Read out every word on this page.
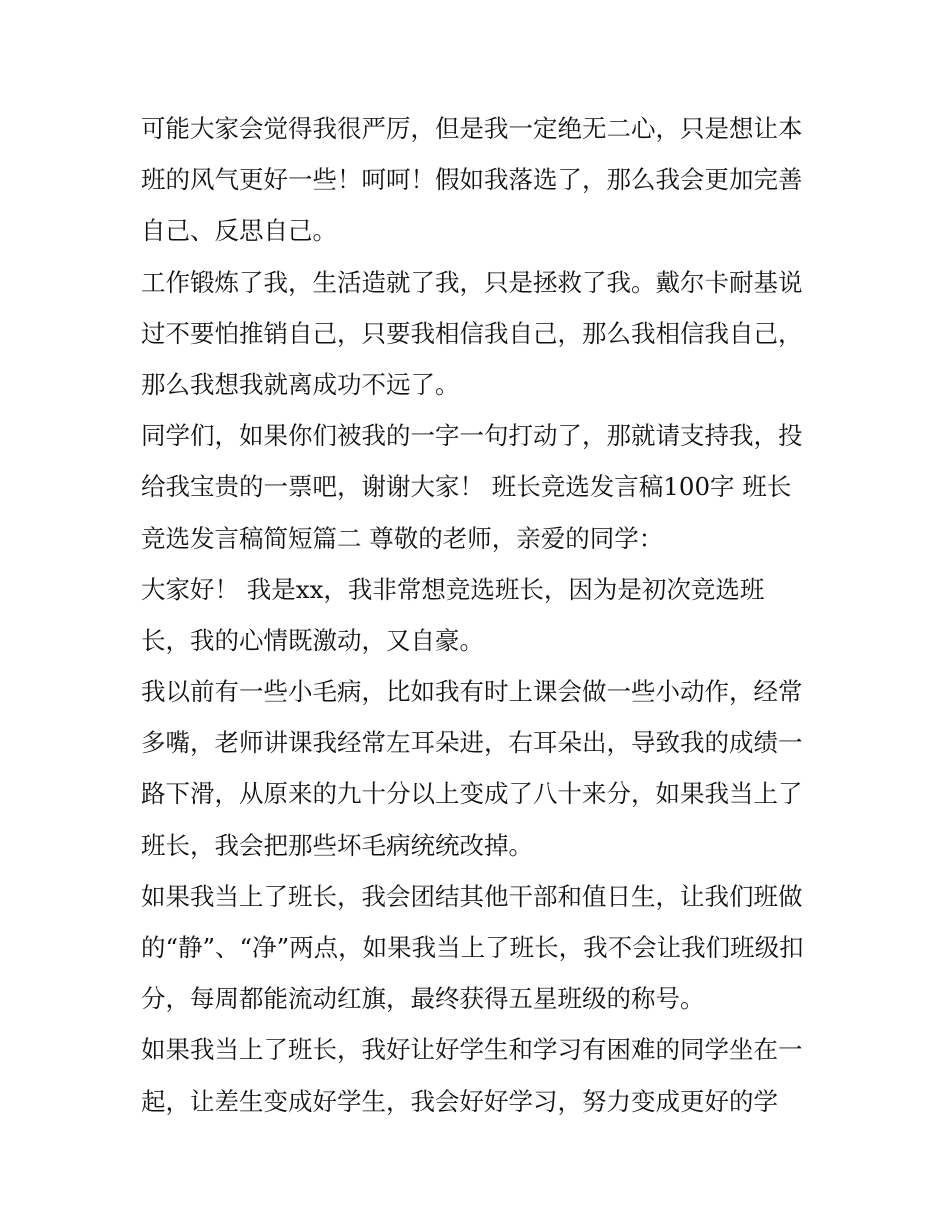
可能大家会觉得我很严厉，但是我一定绝无二心，只是想让本
班的风气更好一些！呵呵！假如我落选了，那么我会更加完善
自己、反思自己。
工作锻炼了我，生活造就了我，只是拯救了我。戴尔卡耐基说
过不要怕推销自己，只要我相信我自己，那么我相信我自己，
那么我想我就离成功不远了。
同学们，如果你们被我的一字一句打动了，那就请支持我，投
给我宝贵的一票吧，谢谢大家！ 班长竞选发言稿100字 班长
竞选发言稿简短篇二 尊敬的老师，亲爱的同学：
大家好！ 我是xx，我非常想竞选班长，因为是初次竞选班
长，我的心情既激动，又自豪。
我以前有一些小毛病，比如我有时上课会做一些小动作，经常
多嘴，老师讲课我经常左耳朵进，右耳朵出，导致我的成绩一
路下滑，从原来的九十分以上变成了八十来分，如果我当上了
班长，我会把那些坏毛病统统改掉。
如果我当上了班长，我会团结其他干部和值日生，让我们班做
的“静”、“净”两点，如果我当上了班长，我不会让我们班级扣
分，每周都能流动红旗，最终获得五星班级的称号。
如果我当上了班长，我好让好学生和学习有困难的同学坐在一
起，让差生变成好学生，我会好好学习，努力变成更好的学
